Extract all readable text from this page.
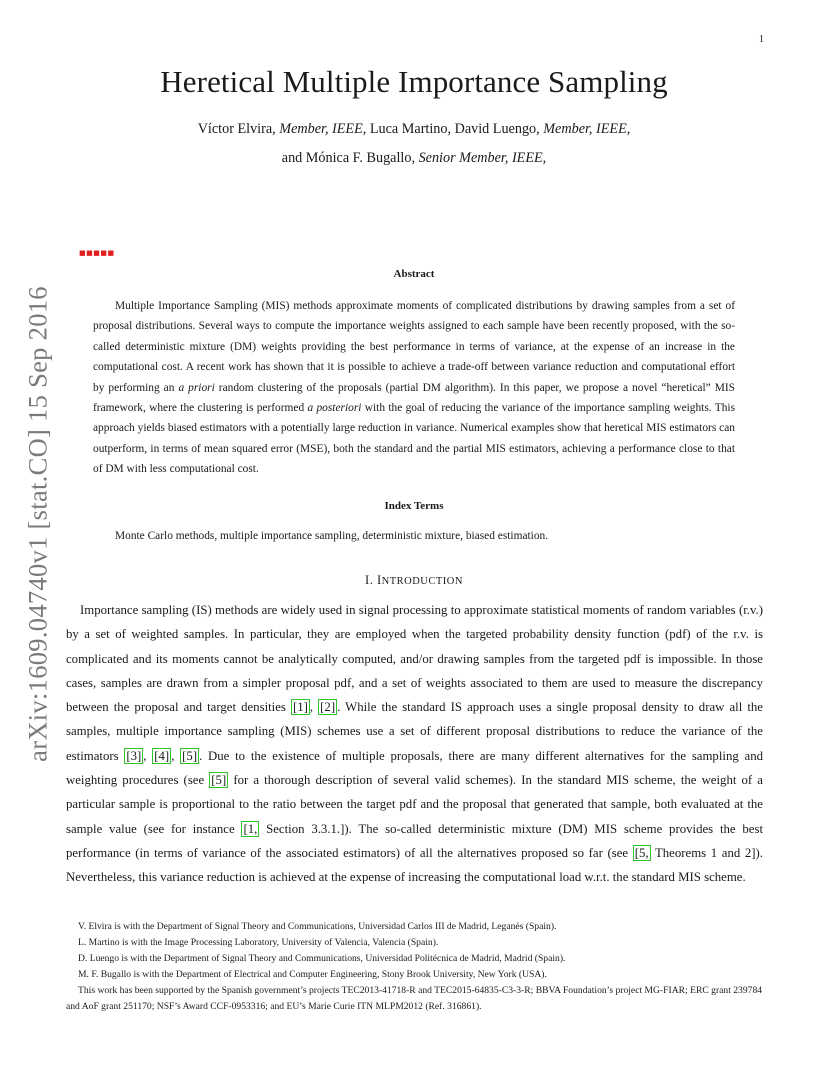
1
Heretical Multiple Importance Sampling
Víctor Elvira, Member, IEEE, Luca Martino, David Luengo, Member, IEEE,
and Mónica F. Bugallo, Senior Member, IEEE,
■■■■■
arXiv:1609.04740v1 [stat.CO] 15 Sep 2016
Abstract
Multiple Importance Sampling (MIS) methods approximate moments of complicated distributions by drawing samples from a set of proposal distributions. Several ways to compute the importance weights assigned to each sample have been recently proposed, with the so-called deterministic mixture (DM) weights providing the best performance in terms of variance, at the expense of an increase in the computational cost. A recent work has shown that it is possible to achieve a trade-off between variance reduction and computational effort by performing an a priori random clustering of the proposals (partial DM algorithm). In this paper, we propose a novel “heretical” MIS framework, where the clustering is performed a posteriori with the goal of reducing the variance of the importance sampling weights. This approach yields biased estimators with a potentially large reduction in variance. Numerical examples show that heretical MIS estimators can outperform, in terms of mean squared error (MSE), both the standard and the partial MIS estimators, achieving a performance close to that of DM with less computational cost.
Index Terms
Monte Carlo methods, multiple importance sampling, deterministic mixture, biased estimation.
I. INTRODUCTION
Importance sampling (IS) methods are widely used in signal processing to approximate statistical moments of random variables (r.v.) by a set of weighted samples. In particular, they are employed when the targeted probability density function (pdf) of the r.v. is complicated and its moments cannot be analytically computed, and/or drawing samples from the targeted pdf is impossible. In those cases, samples are drawn from a simpler proposal pdf, and a set of weights associated to them are used to measure the discrepancy between the proposal and target densities [1] , [2] . While the standard IS approach uses a single proposal density to draw all the samples, multiple importance sampling (MIS) schemes use a set of different proposal distributions to reduce the variance of the estimators [3] , [4] , [5] . Due to the existence of multiple proposals, there are many different alternatives for the sampling and weighting procedures (see [5] for a thorough description of several valid schemes). In the standard MIS scheme, the weight of a particular sample is proportional to the ratio between the target pdf and the proposal that generated that sample, both evaluated at the sample value (see for instance [1, Section 3.3.1.]). The so-called deterministic mixture (DM) MIS scheme provides the best performance (in terms of variance of the associated estimators) of all the alternatives proposed so far (see [5, Theorems 1 and 2]). Nevertheless, this variance reduction is achieved at the expense of increasing the computational load w.r.t. the standard MIS scheme.
V. Elvira is with the Department of Signal Theory and Communications, Universidad Carlos III de Madrid, Leganés (Spain).
L. Martino is with the Image Processing Laboratory, University of Valencia, Valencia (Spain).
D. Luengo is with the Department of Signal Theory and Communications, Universidad Politécnica de Madrid, Madrid (Spain).
M. F. Bugallo is with the Department of Electrical and Computer Engineering, Stony Brook University, New York (USA).
This work has been supported by the Spanish government’s projects TEC2013-41718-R and TEC2015-64835-C3-3-R; BBVA Foundation’s project MG-FIAR; ERC grant 239784 and AoF grant 251170; NSF’s Award CCF-0953316; and EU’s Marie Curie ITN MLPM2012 (Ref. 316861).
